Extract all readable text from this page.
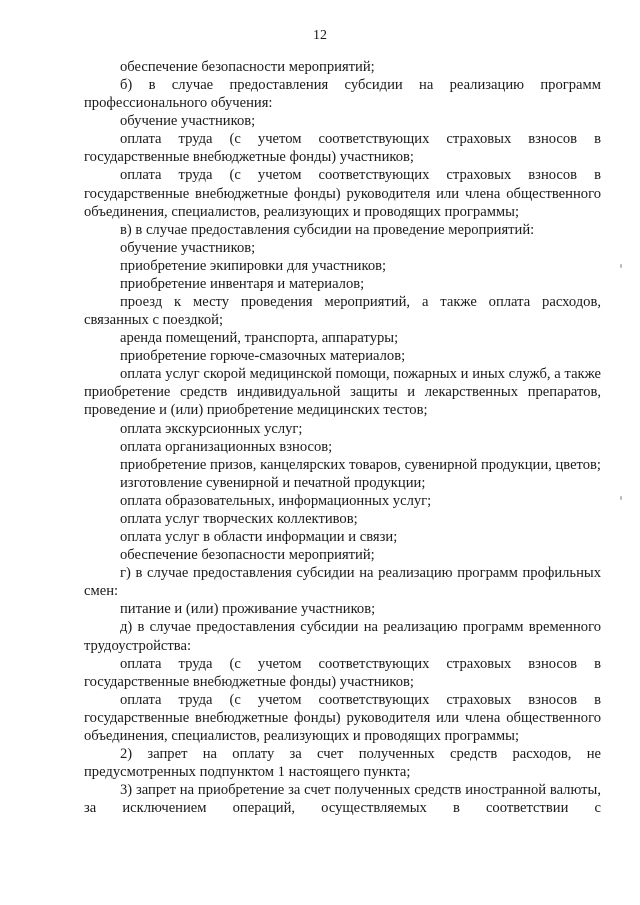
12

обеспечение безопасности мероприятий;

б) в случае предоставления субсидии на реализацию программ профессионального обучения:

обучение участников;

оплата труда (с учетом соответствующих страховых взносов в государственные внебюджетные фонды) участников;

оплата труда (с учетом соответствующих страховых взносов в государственные внебюджетные фонды) руководителя или члена общественного объединения, специалистов, реализующих и проводящих программы;

в) в случае предоставления субсидии на проведение мероприятий:

обучение участников;

приобретение экипировки для участников;

приобретение инвентаря и материалов;

проезд к месту проведения мероприятий, а также оплата расходов, связанных с поездкой;

аренда помещений, транспорта, аппаратуры;

приобретение горюче-смазочных материалов;

оплата услуг скорой медицинской помощи, пожарных и иных служб, а также приобретение средств индивидуальной защиты и лекарственных препаратов, проведение и (или) приобретение медицинских тестов;

оплата экскурсионных услуг;

оплата организационных взносов;

приобретение призов, канцелярских товаров, сувенирной продукции, цветов;

изготовление сувенирной и печатной продукции;

оплата образовательных, информационных услуг;

оплата услуг творческих коллективов;

оплата услуг в области информации и связи;

обеспечение безопасности мероприятий;

г) в случае предоставления субсидии на реализацию программ профильных смен:

питание и (или) проживание участников;

д) в случае предоставления субсидии на реализацию программ временного трудоустройства:

оплата труда (с учетом соответствующих страховых взносов в государственные внебюджетные фонды) участников;

оплата труда (с учетом соответствующих страховых взносов в государственные внебюджетные фонды) руководителя или члена общественного объединения, специалистов, реализующих и проводящих программы;

2) запрет на оплату за счет полученных средств расходов, не предусмотренных подпунктом 1 настоящего пункта;

3) запрет на приобретение за счет полученных средств иностранной валюты, за исключением операций, осуществляемых в соответствии с
